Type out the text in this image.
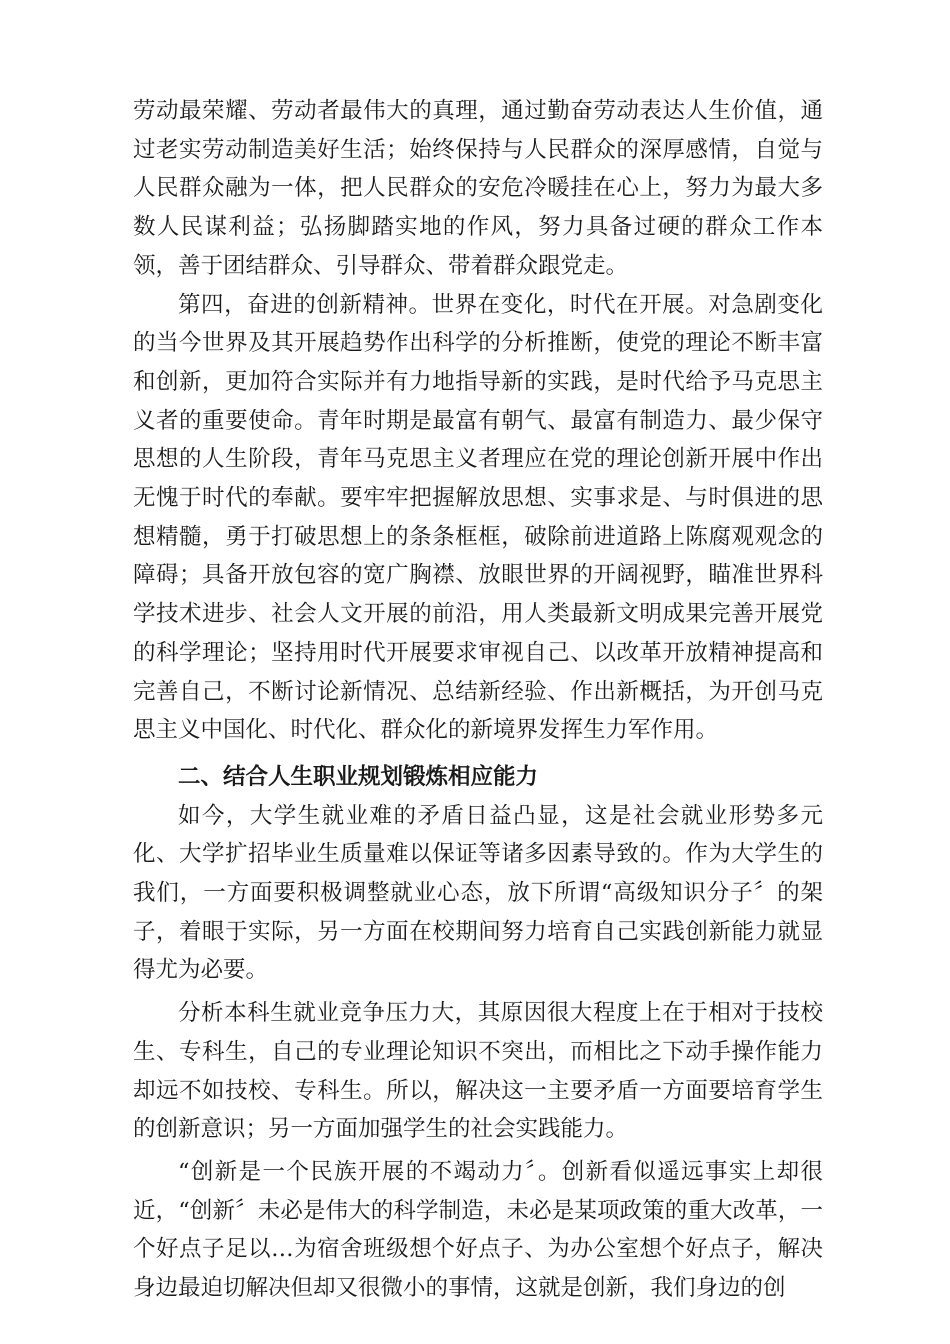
劳动最荣耀、劳动者最伟大的真理，通过勤奋劳动表达人生价值，通过老实劳动制造美好生活；始终保持与人民群众的深厚感情，自觉与人民群众融为一体，把人民群众的安危冷暖挂在心上，努力为最大多数人民谋利益；弘扬脚踏实地的作风，努力具备过硬的群众工作本领，善于团结群众、引导群众、带着群众跟党走。

第四，奋进的创新精神。世界在变化，时代在开展。对急剧变化的当今世界及其开展趋势作出科学的分析推断，使党的理论不断丰富和创新，更加符合实际并有力地指导新的实践，是时代给予马克思主义者的重要使命。青年时期是最富有朝气、最富有制造力、最少保守思想的人生阶段，青年马克思主义者理应在党的理论创新开展中作出无愧于时代的奉献。要牢牢把握解放思想、实事求是、与时俱进的思想精髓，勇于打破思想上的条条框框，破除前进道路上陈腐观观念的障碍；具备开放包容的宽广胸襟、放眼世界的开阔视野，瞄准世界科学技术进步、社会人文开展的前沿，用人类最新文明成果完善开展党的科学理论；坚持用时代开展要求审视自己、以改革开放精神提高和完善自己，不断讨论新情况、总结新经验、作出新概括，为开创马克思主义中国化、时代化、群众化的新境界发挥生力军作用。

二、结合人生职业规划锻炼相应能力

如今，大学生就业难的矛盾日益凸显，这是社会就业形势多元化、大学扩招毕业生质量难以保证等诸多因素导致的。作为大学生的我们，一方面要积极调整就业心态，放下所谓“高级知识分子〞的架子，着眼于实际，另一方面在校期间努力培育自己实践创新能力就显得尤为必要。

分析本科生就业竞争压力大，其原因很大程度上在于相对于技校生、专科生，自己的专业理论知识不突出，而相比之下动手操作能力却远不如技校、专科生。所以，解决这一主要矛盾一方面要培育学生的创新意识；另一方面加强学生的社会实践能力。

“创新是一个民族开展的不竭动力〞。创新看似遥远事实上却很近，“创新〞未必是伟大的科学制造，未必是某项政策的重大改革，一个好点子足以…为宿舍班级想个好点子、为办公室想个好点子，解决身边最迫切解决但却又很微小的事情，这就是创新，我们身边的创
